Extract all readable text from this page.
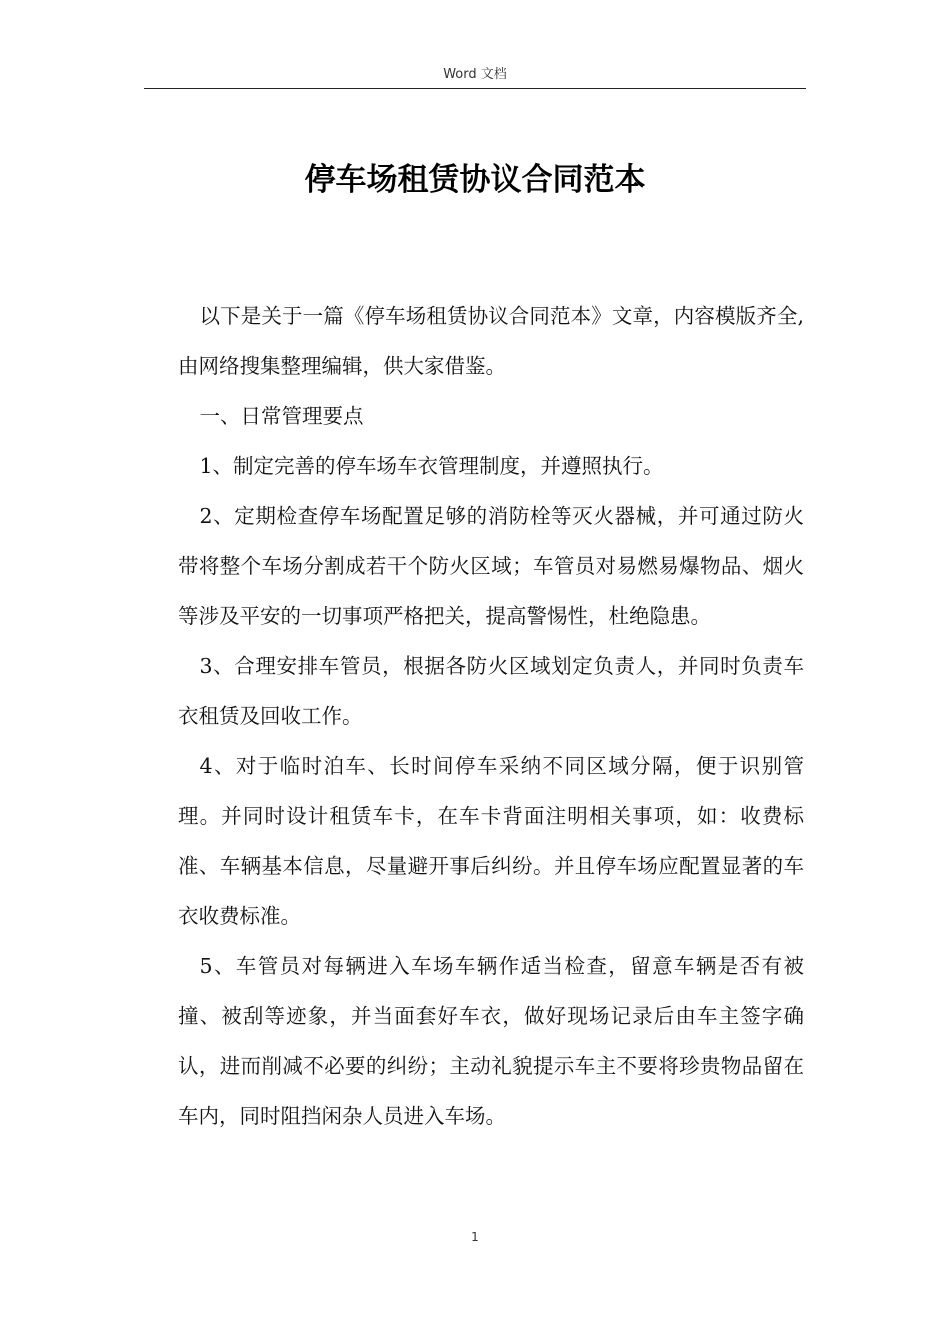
Word 文档
停车场租赁协议合同范本

以下是关于一篇《停车场租赁协议合同范本》文章，内容模版齐全,由网络搜集整理编辑，供大家借鉴。

一、日常管理要点

1、制定完善的停车场车衣管理制度，并遵照执行。

2、定期检查停车场配置足够的消防栓等灭火器械，并可通过防火带将整个车场分割成若干个防火区域；车管员对易燃易爆物品、烟火等涉及平安的一切事项严格把关，提高警惕性，杜绝隐患。

3、合理安排车管员，根据各防火区域划定负责人，并同时负责车衣租赁及回收工作。

4、对于临时泊车、长时间停车采纳不同区域分隔，便于识别管理。并同时设计租赁车卡，在车卡背面注明相关事项，如：收费标准、车辆基本信息，尽量避开事后纠纷。并且停车场应配置显著的车衣收费标准。

5、车管员对每辆进入车场车辆作适当检查，留意车辆是否有被撞、被刮等迹象，并当面套好车衣，做好现场记录后由车主签字确认，进而削减不必要的纠纷；主动礼貌提示车主不要将珍贵物品留在车内，同时阻挡闲杂人员进入车场。

1
